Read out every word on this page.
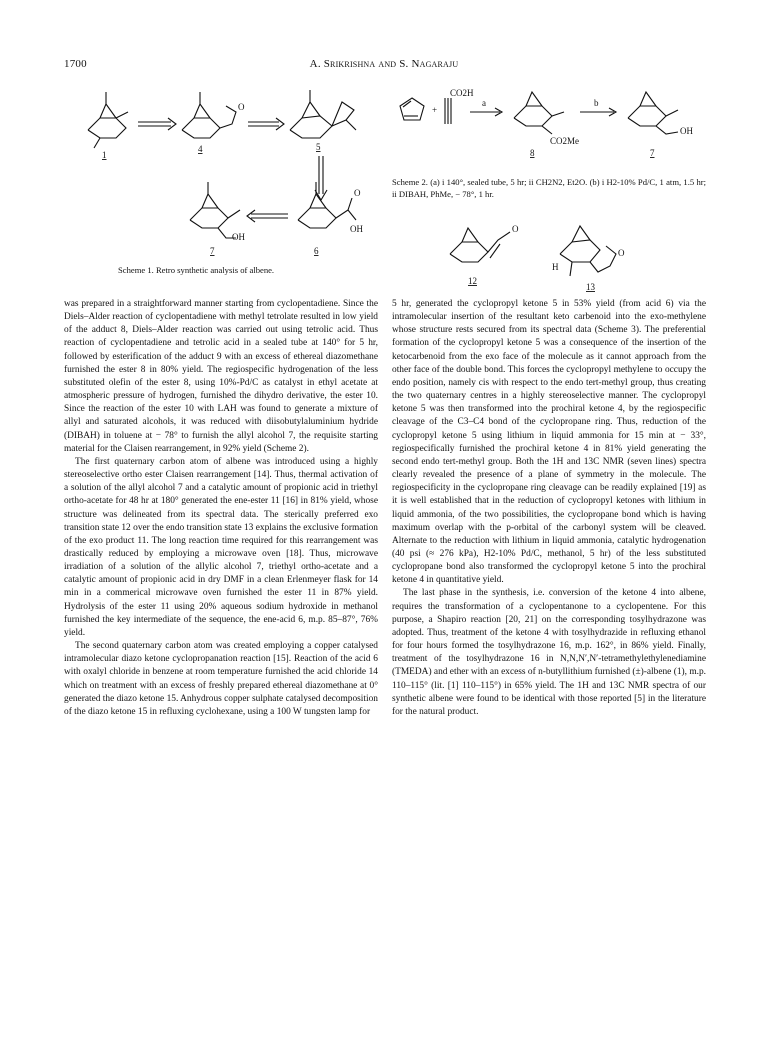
1700	A. Srikrishna and S. Nagaraju
1
O
4	5
O
OH
6
OH
7
Scheme 1. Retro synthetic analysis of albene.
+
CO2H
a
CO2Me
8
b
OH
7
Scheme 2. (a) i 140°, sealed tube, 5 hr; ii CH2N2, Et2O. (b) i H2-10% Pd/C, 1 atm, 1.5 hr; ii DIBAH, PhMe, − 78°, 1 hr.
O
12
H
O
13

was prepared in a straightforward manner starting from cyclopentadiene. Since the Diels–Alder reaction of cyclopentadiene with methyl tetrolate resulted in low yield of the adduct 8, Diels–Alder reaction was carried out using tetrolic acid. Thus reaction of cyclopentadiene and tetrolic acid in a sealed tube at 140° for 5 hr, followed by esterification of the adduct 9 with an excess of ethereal diazomethane furnished the ester 8 in 80% yield. The regiospecific hydrogenation of the less substituted olefin of the ester 8, using 10%-Pd/C as catalyst in ethyl acetate at atmospheric pressure of hydrogen, furnished the dihydro derivative, the ester 10. Since the reaction of the ester 10 with LAH was found to generate a mixture of allyl and saturated alcohols, it was reduced with diisobutylaluminium hydride (DIBAH) in toluene at − 78° to furnish the allyl alcohol 7, the requisite starting material for the Claisen rearrangement, in 92% yield (Scheme 2).

The first quaternary carbon atom of albene was introduced using a highly stereoselective ortho ester Claisen rearrangement [14]. Thus, thermal activation of a solution of the allyl alcohol 7 and a catalytic amount of propionic acid in triethyl ortho-acetate for 48 hr at 180° generated the ene-ester 11 [16] in 81% yield, whose structure was delineated from its spectral data. The sterically preferred exo transition state 12 over the endo transition state 13 explains the exclusive formation of the exo product 11. The long reaction time required for this rearrangement was drastically reduced by employing a microwave oven [18]. Thus, microwave irradiation of a solution of the allylic alcohol 7, triethyl ortho-acetate and a catalytic amount of propionic acid in dry DMF in a clean Erlenmeyer flask for 14 min in a commerical microwave oven furnished the ester 11 in 87% yield. Hydrolysis of the ester 11 using 20% aqueous sodium hydroxide in methanol furnished the key intermediate of the sequence, the ene-acid 6, m.p. 85–87°, 76% yield.

The second quaternary carbon atom was created employing a copper catalysed intramolecular diazo ketone cyclopropanation reaction [15]. Reaction of the acid 6 with oxalyl chloride in benzene at room temperature furnished the acid chloride 14 which on treatment with an excess of freshly prepared ethereal diazomethane at 0° generated the diazo ketone 15. Anhydrous copper sulphate catalysed decomposition of the diazo ketone 15 in refluxing cyclohexane, using a 100 W tungsten lamp for

5 hr, generated the cyclopropyl ketone 5 in 53% yield (from acid 6) via the intramolecular insertion of the resultant keto carbenoid into the exo-methylene whose structure rests secured from its spectral data (Scheme 3). The preferential formation of the cyclopropyl ketone 5 was a consequence of the insertion of the ketocarbenoid from the exo face of the molecule as it cannot approach from the other face of the double bond. This forces the cyclopropyl methylene to occupy the endo position, namely cis with respect to the endo tert-methyl group, thus creating the two quaternary centres in a highly stereoselective manner. The cyclopropyl ketone 5 was then transformed into the prochiral ketone 4, by the regiospecific cleavage of the C3–C4 bond of the cyclopropane ring. Thus, reduction of the cyclopropyl ketone 5 using lithium in liquid ammonia for 15 min at − 33°, regiospecifically furnished the prochiral ketone 4 in 81% yield generating the second endo tert-methyl group. Both the 1H and 13C NMR (seven lines) spectra clearly revealed the presence of a plane of symmetry in the molecule. The regiospecificity in the cyclopropane ring cleavage can be readily explained [19] as it is well established that in the reduction of cyclopropyl ketones with lithium in liquid ammonia, of the two possibilities, the cyclopropane bond which is having maximum overlap with the p-orbital of the carbonyl system will be cleaved. Alternate to the reduction with lithium in liquid ammonia, catalytic hydrogenation (40 psi (≈ 276 kPa), H2-10% Pd/C, methanol, 5 hr) of the less substituted cyclopropane bond also transformed the cyclopropyl ketone 5 into the prochiral ketone 4 in quantitative yield.

The last phase in the synthesis, i.e. conversion of the ketone 4 into albene, requires the transformation of a cyclopentanone to a cyclopentene. For this purpose, a Shapiro reaction [20, 21] on the corresponding tosylhydrazone was adopted. Thus, treatment of the ketone 4 with tosylhydrazide in refluxing ethanol for four hours formed the tosylhydrazone 16, m.p. 162°, in 86% yield. Finally, treatment of the tosylhydrazone 16 in N,N,N′,N′-tetramethylethylenediamine (TMEDA) and ether with an excess of n-butyllithium furnished (±)-albene (1), m.p. 110–115° (lit. [1] 110–115°) in 65% yield. The 1H and 13C NMR spectra of our synthetic albene were found to be identical with those reported [5] in the literature for the natural product.
